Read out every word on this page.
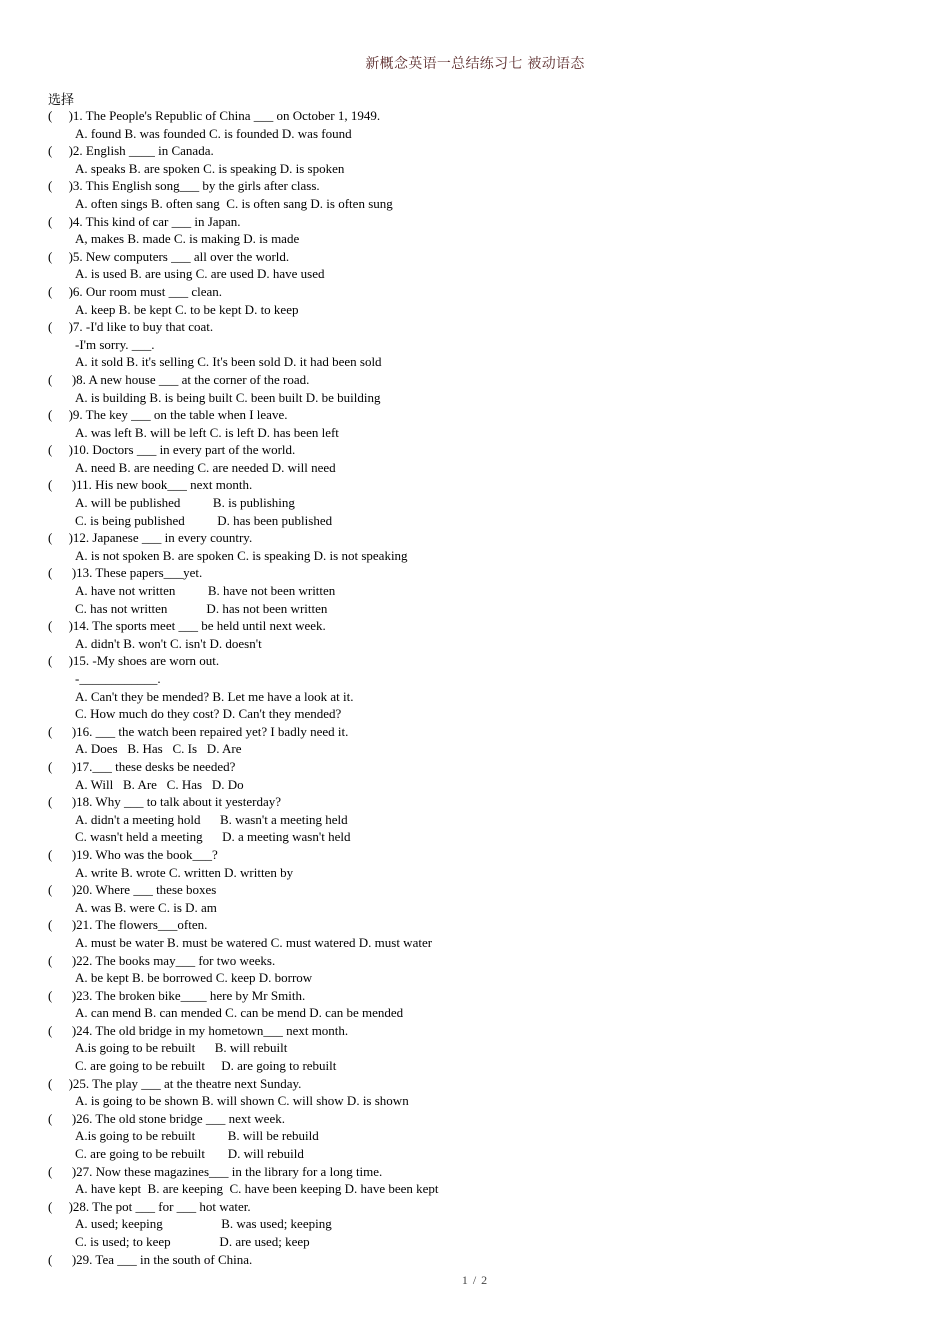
新概念英语一总结练习七 被动语态
选择
(     )1. The People's Republic of China ___ on October 1, 1949.
A. found B. was founded C. is founded D. was found
(     )2. English ____ in Canada.
A. speaks B. are spoken C. is speaking D. is spoken
(     )3. This English song___ by the girls after class.
A. often sings B. often sang  C. is often sang D. is often sung
(     )4. This kind of car ___ in Japan.
A, makes B. made C. is making D. is made
(     )5. New computers ___ all over the world.
A. is used B. are using C. are used D. have used
(     )6. Our room must ___ clean.
A. keep B. be kept C. to be kept D. to keep
(     )7. -I'd like to buy that coat.
-I'm sorry. ___.
A. it sold B. it's selling C. It's been sold D. it had been sold
(      )8. A new house ___ at the corner of the road.
A. is building B. is being built C. been built D. be building
(     )9. The key ___ on the table when I leave.
A. was left B. will be left C. is left D. has been left
(     )10. Doctors ___ in every part of the world.
A. need B. are needing C. are needed D. will need
(      )11. His new book___ next month.
A. will be published          B. is publishing
C. is being published          D. has been published
(     )12. Japanese ___ in every country.
A. is not spoken B. are spoken C. is speaking D. is not speaking
(      )13. These papers___yet.
A. have not written          B. have not been written
C. has not written            D. has not been written
(     )14. The sports meet ___ be held until next week.
A. didn't B. won't C. isn't D. doesn't
(     )15. -My shoes are worn out.
-____________.
A. Can't they be mended? B. Let me have a look at it.
C. How much do they cost? D. Can't they mended?
(      )16. ___ the watch been repaired yet? I badly need it.
A. Does   B. Has   C. Is   D. Are
(      )17.___ these desks be needed?
A. Will   B. Are   C. Has   D. Do
(      )18. Why ___ to talk about it yesterday?
A. didn't a meeting hold      B. wasn't a meeting held
C. wasn't held a meeting      D. a meeting wasn't held
(      )19. Who was the book___?
A. write B. wrote C. written D. written by
(      )20. Where ___ these boxes
A. was B. were C. is D. am
(      )21. The flowers___often.
A. must be water B. must be watered C. must watered D. must water
(      )22. The books may___ for two weeks.
A. be kept B. be borrowed C. keep D. borrow
(      )23. The broken bike____ here by Mr Smith.
A. can mend B. can mended C. can be mend D. can be mended
(      )24. The old bridge in my hometown___ next month.
A.is going to be rebuilt      B. will rebuilt
C. are going to be rebuilt     D. are going to rebuilt
(     )25. The play ___ at the theatre next Sunday.
A. is going to be shown B. will shown C. will show D. is shown
(      )26. The old stone bridge ___ next week.
A.is going to be rebuilt          B. will be rebuild
C. are going to be rebuilt       D. will rebuild
(      )27. Now these magazines___ in the library for a long time.
A. have kept  B. are keeping  C. have been keeping D. have been kept
(     )28. The pot ___ for ___ hot water.
A. used; keeping                  B. was used; keeping
C. is used; to keep               D. are used; keep
(      )29. Tea ___ in the south of China.
1 / 2
